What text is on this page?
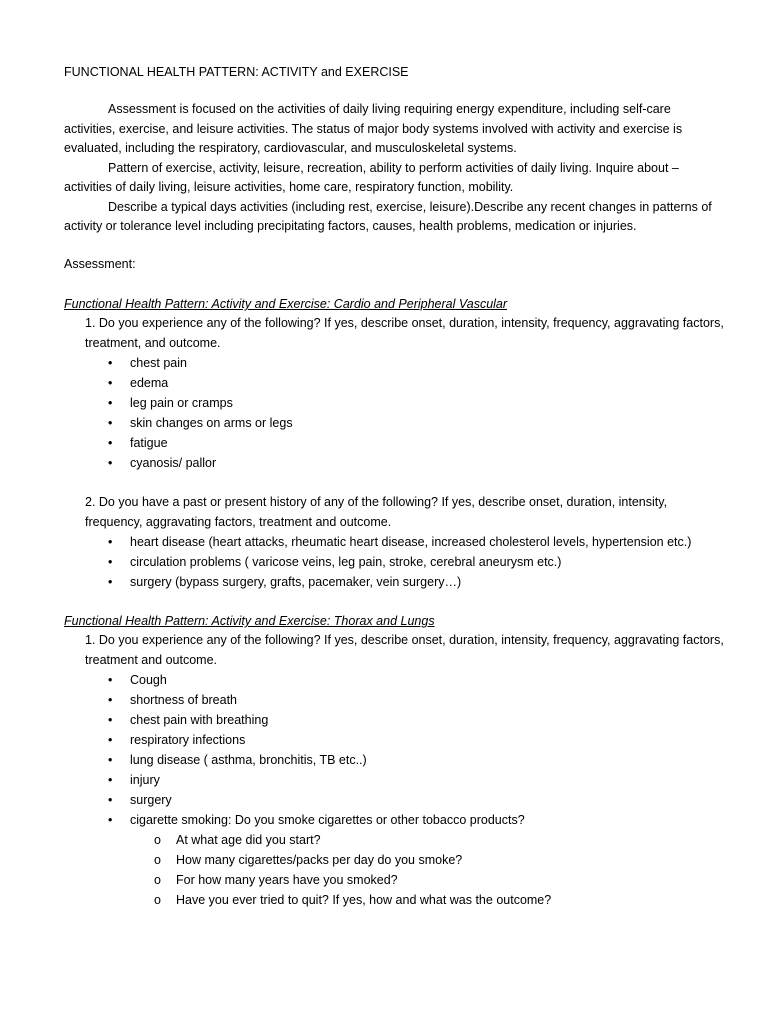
FUNCTIONAL HEALTH PATTERN: ACTIVITY and EXERCISE

Assessment is focused on the activities of daily living requiring energy expenditure, including self-care activities, exercise, and leisure activities. The status of major body systems involved with activity and exercise is evaluated, including the respiratory, cardiovascular, and musculoskeletal systems.

Pattern of exercise, activity, leisure, recreation, ability to perform activities of daily living. Inquire about – activities of daily living, leisure activities, home care, respiratory function, mobility.

Describe a typical days activities (including rest, exercise, leisure).Describe any recent changes in patterns of activity or tolerance level including precipitating factors, causes, health problems, medication or injuries.

Assessment:

Functional Health Pattern: Activity and Exercise: Cardio and Peripheral Vascular

1. Do you experience any of the following? If yes, describe onset, duration, intensity, frequency, aggravating factors, treatment, and outcome.

• chest pain
• edema
• leg pain or cramps
• skin changes on arms or legs
• fatigue
• cyanosis/ pallor

2. Do you have a past or present history of any of the following? If yes, describe onset, duration, intensity, frequency, aggravating factors, treatment and outcome.

• heart disease (heart attacks, rheumatic heart disease, increased cholesterol levels, hypertension etc.)
• circulation problems ( varicose veins, leg pain, stroke, cerebral aneurysm etc.)
• surgery (bypass surgery, grafts, pacemaker, vein surgery…)

Functional Health Pattern: Activity and Exercise: Thorax and Lungs

1. Do you experience any of the following? If yes, describe onset, duration, intensity, frequency, aggravating factors, treatment and outcome.

• Cough
• shortness of breath
• chest pain with breathing
• respiratory infections
• lung disease ( asthma, bronchitis, TB etc..)
• injury
• surgery
• cigarette smoking: Do you smoke cigarettes or other tobacco products?
o At what age did you start?
o How many cigarettes/packs per day do you smoke?
o For how many years have you smoked?
o Have you ever tried to quit? If yes, how and what was the outcome?
